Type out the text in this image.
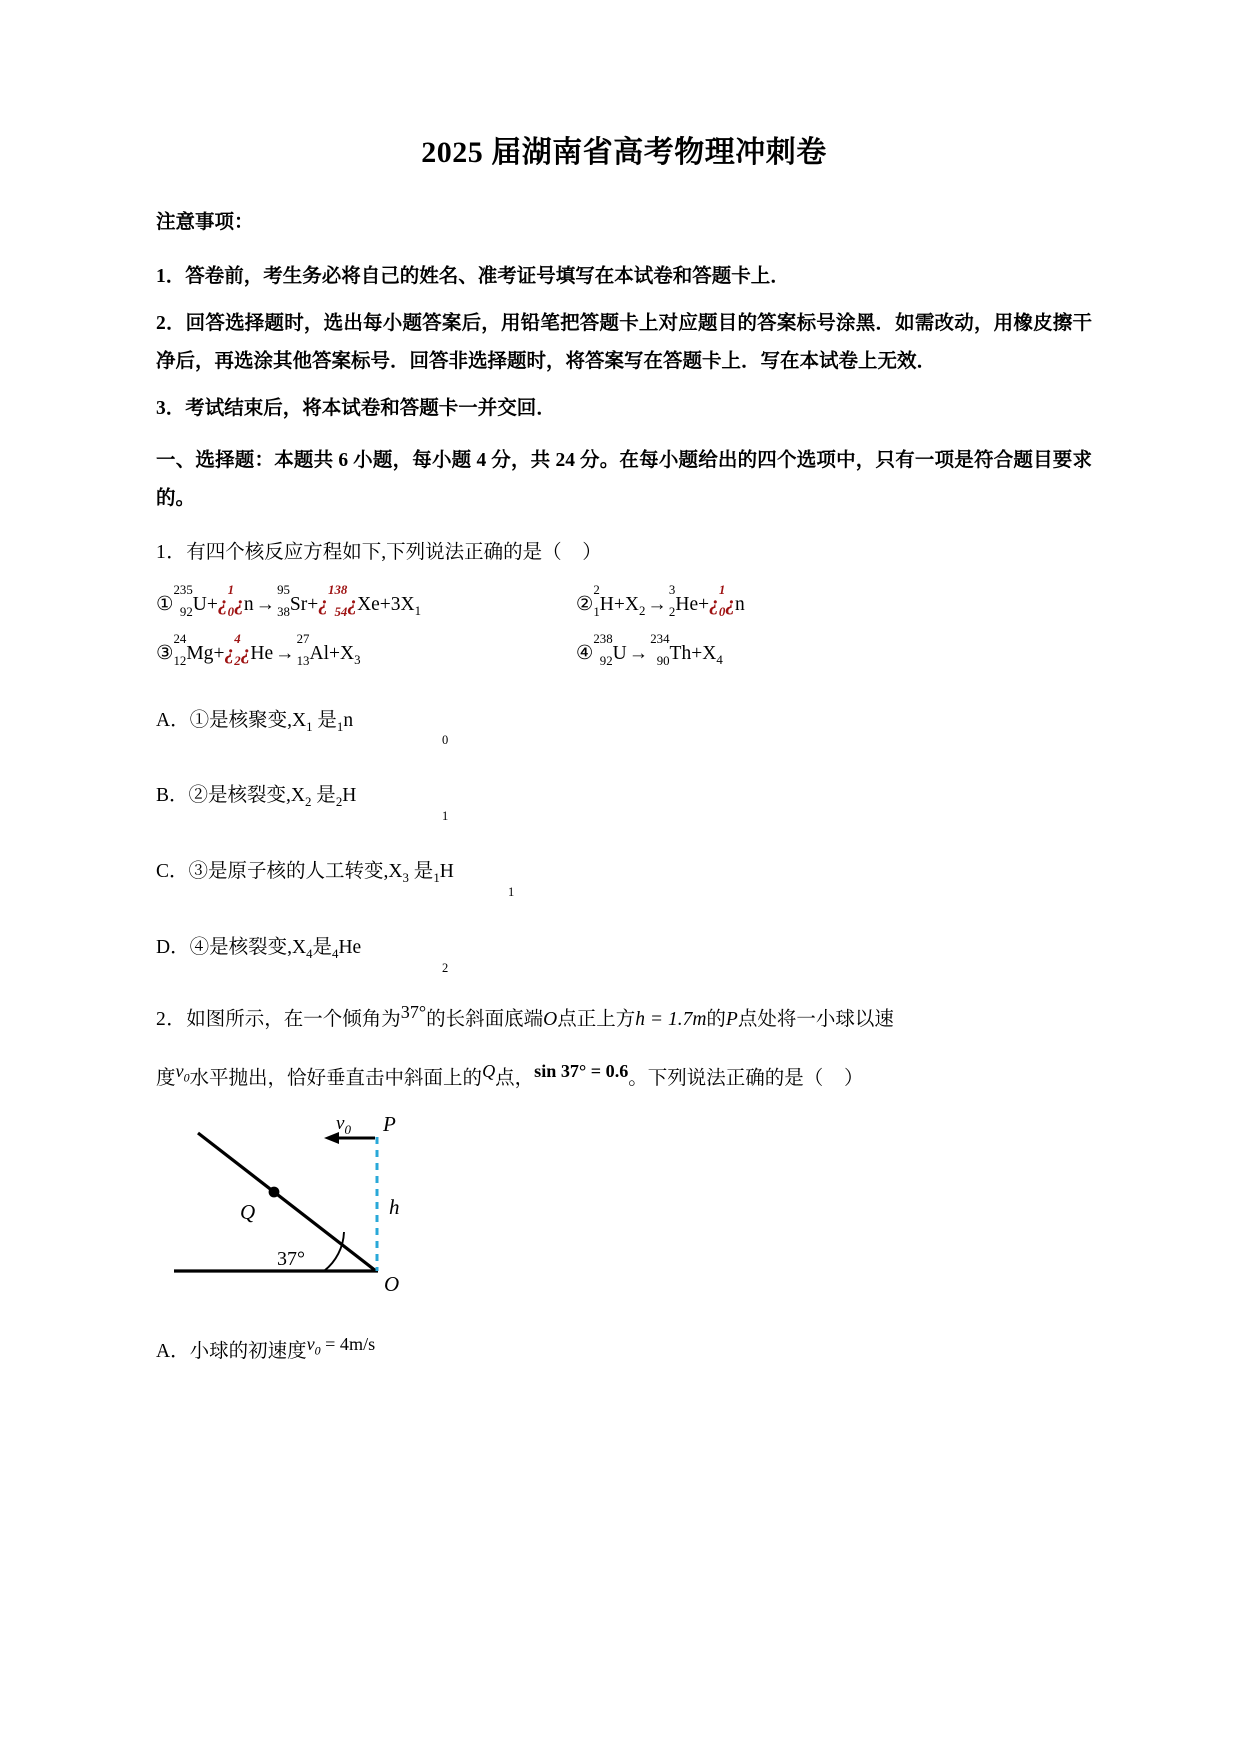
2025 届湖南省高考物理冲刺卷

注意事项：

1．答卷前，考生务必将自己的姓名、准考证号填写在本试卷和答题卡上．

2．回答选择题时，选出每小题答案后，用铅笔把答题卡上对应题目的答案标号涂黑．如需改动，用橡皮擦干净后，再选涂其他答案标号．回答非选择题时，将答案写在答题卡上．写在本试卷上无效．

3．考试结束后，将本试卷和答题卡一并交回．

一、选择题：本题共 6 小题，每小题 4 分，共 24 分。在每小题给出的四个选项中，只有一项是符合题目要求的。

1．有四个核反应方程如下,下列说法正确的是（ ）

①
235
92 U+¿
1
0 ¿n →
95
38 Sr+¿
138
54 ¿$Xe+3X_1$	②
2
1 $H+X_2$ →
3
2 He+¿
1
0 ¿n
③
24
12 Mg+¿
4
2 ¿He →
27
13 $Al+X_3$	④
238
92 U →
234
90 $Th+X_4$

A．①是核聚变$,X_1$ 是$_1$n
0

B．②是核裂变$,X_2$ 是$_2$H
1

C．③是原子核的人工转变$,X_3$ 是$_1$H
1

D．④是核裂变$,X_4$是$_4$He
2

2．如图所示，在一个倾角为37°的长斜面底端O点正上方h = 1.7m的P点处将一小球以速

度$v_0$水平抛出，恰好垂直击中斜面上的Q点，sin 37° = 0.6。下列说法正确的是（ ）

$v_0$ P
Q	h
37°
O

A．小球的初速度$v_0 = 4m/s$
